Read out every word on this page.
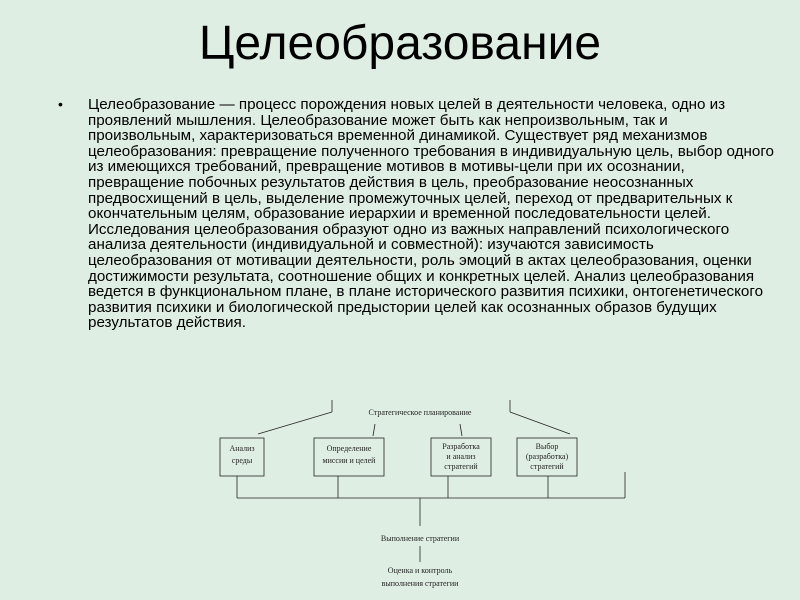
Целеобразование
• Целеобразование — процесс порождения новых целей в деятельности человека, одно из проявлений мышления. Целеобразование может быть как непроизвольным, так и произвольным, характеризоваться временной динамикой. Существует ряд механизмов целеобразования: превращение полученного требования в индивидуальную цель, выбор одного из имеющихся требований, превращение мотивов в мотивы-цели при их осознании, превращение побочных результатов действия в цель, преобразование неосознанных предвосхищений в цель, выделение промежуточных целей, переход от предварительных к окончательным целям, образование иерархии и временной последовательности целей. Исследования целеобразования образуют одно из важных направлений психологического анализа деятельности (индивидуальной и совместной): изучаются зависимость целеобразования от мотивации деятельности, роль эмоций в актах целеобразования, оценки достижимости результата, соотношение общих и конкретных целей. Анализ целеобразования ведется в функциональном плане, в плане исторического развития психики, онтогенетического развития психики и биологической предыстории целей как осознанных образов будущих результатов действия.
Стратегическое планирование
Анализ
среды
Определение
миссии и целей
Разработка
и анализ
стратегий
Выбор
(разработка)
стратегий
Выполнение стратегии
Оценка и контроль
выполнения стратегии
